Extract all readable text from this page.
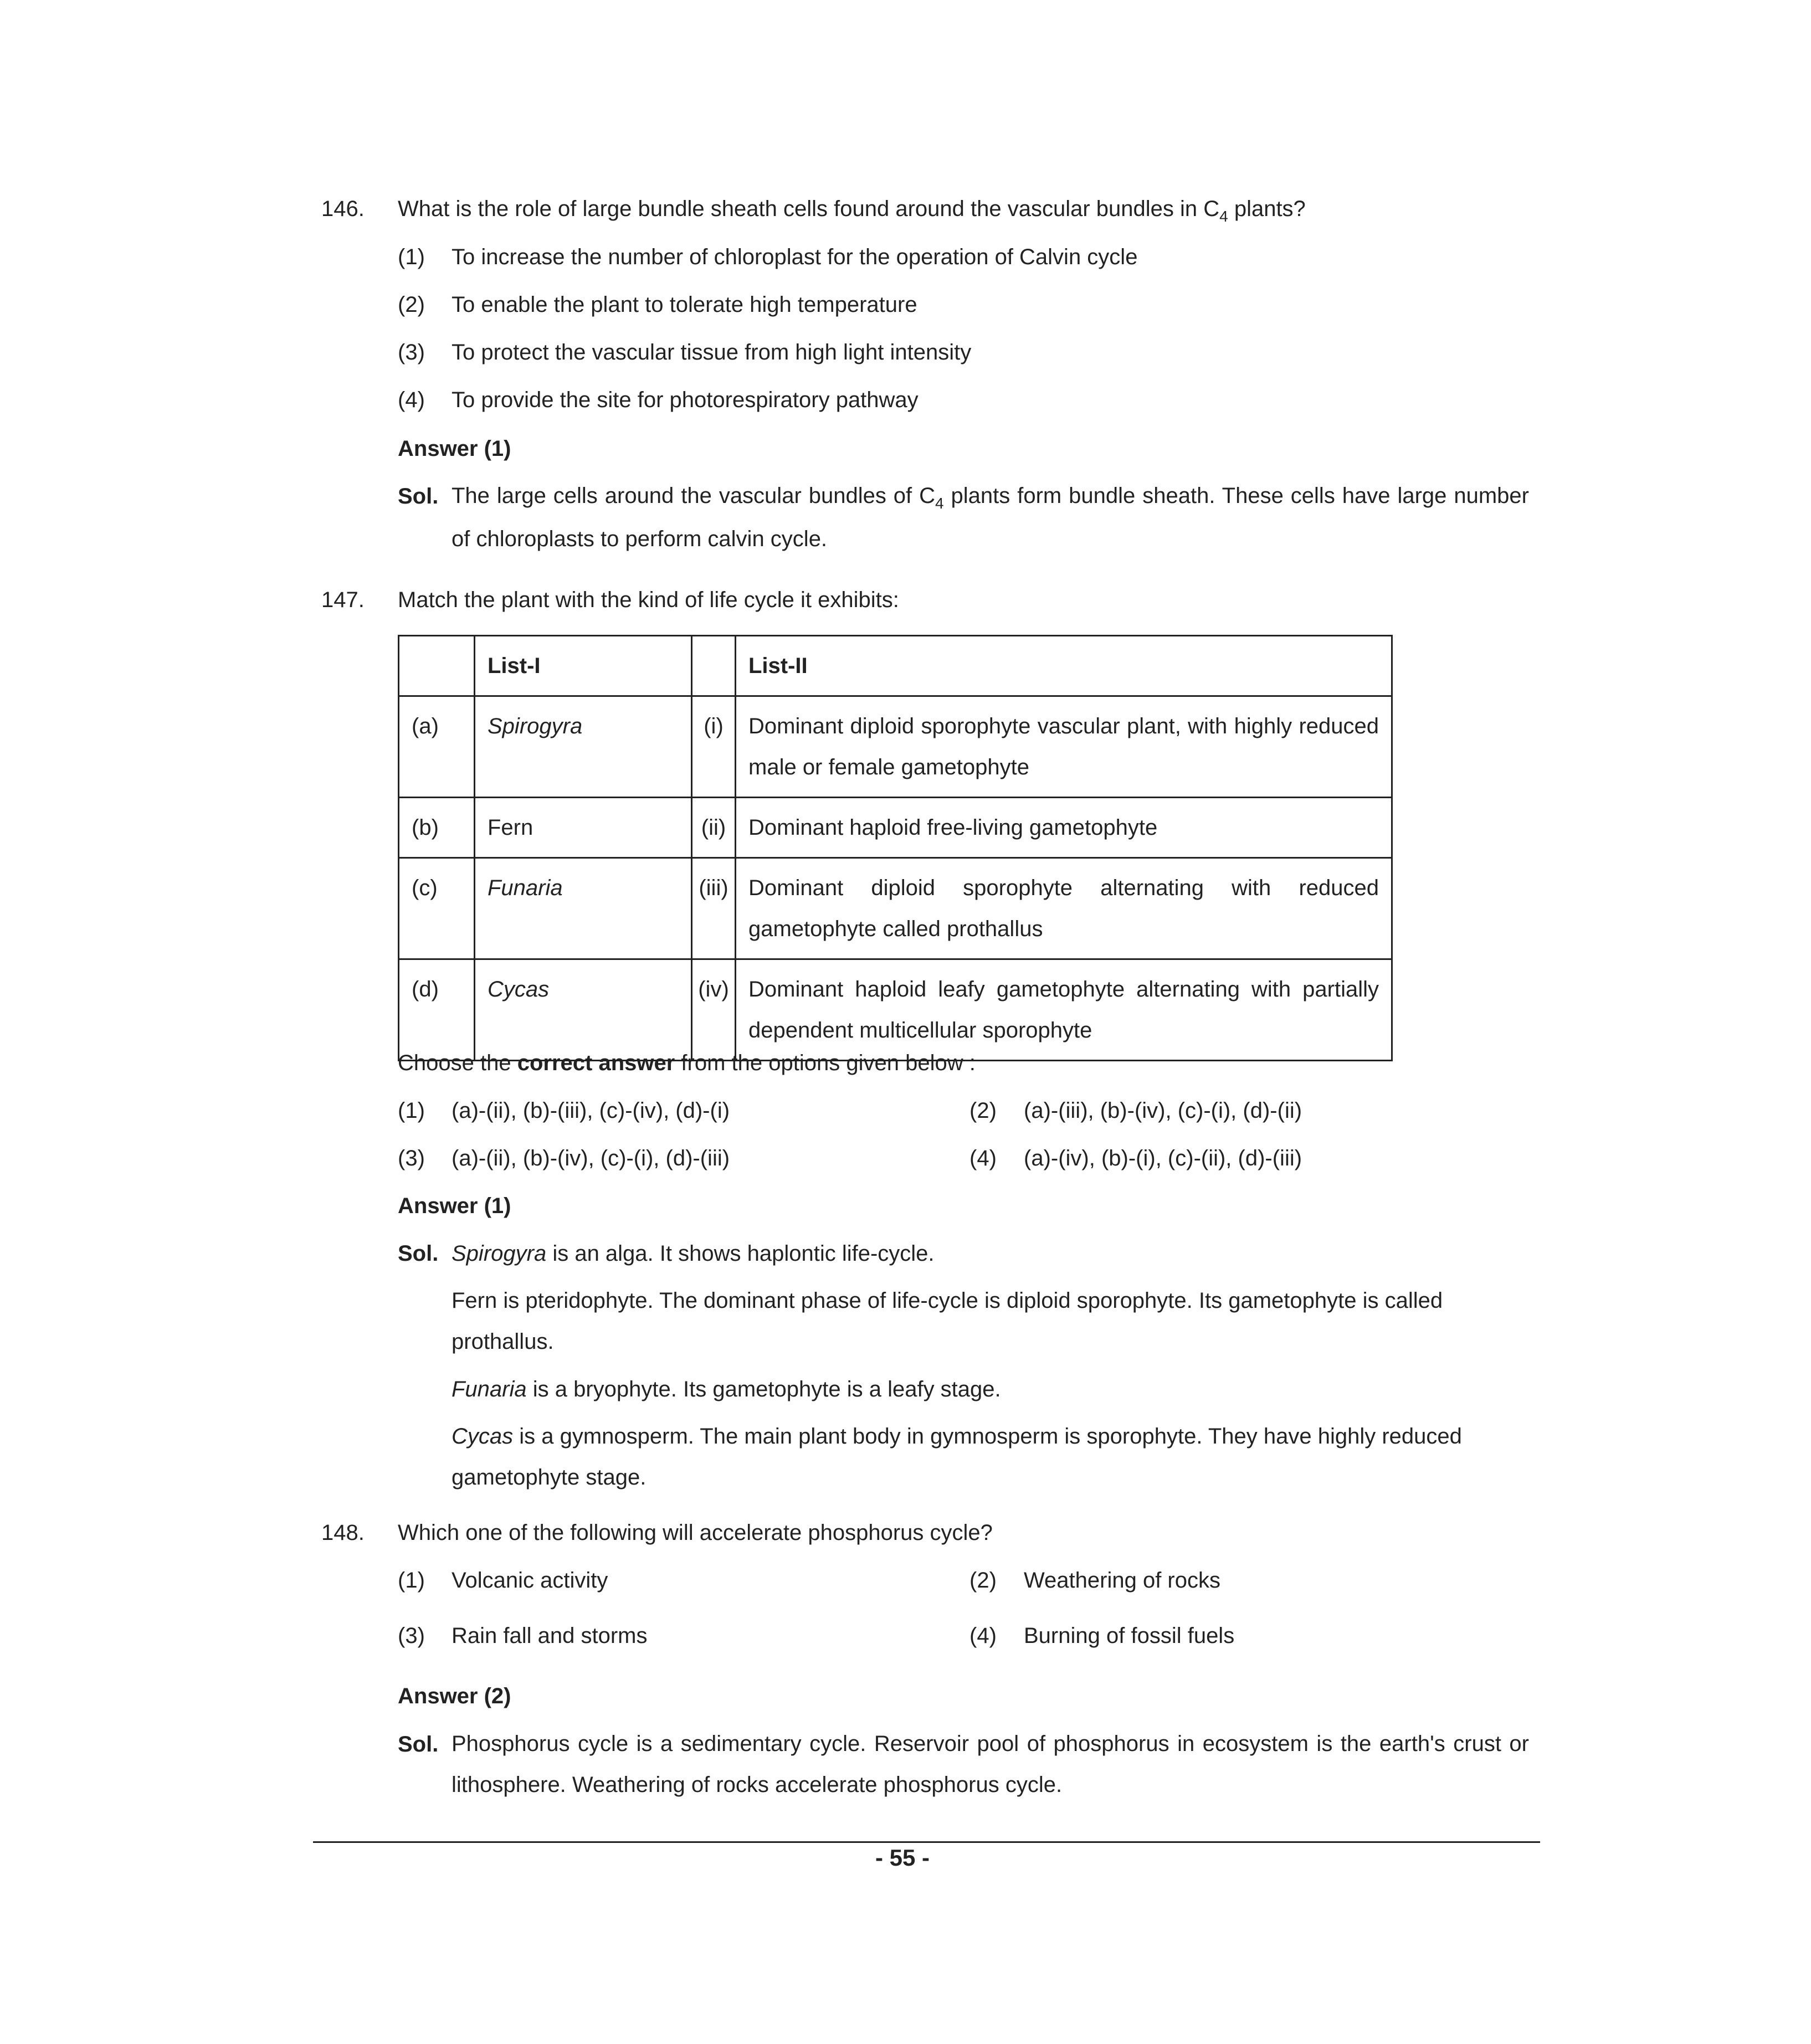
146. What is the role of large bundle sheath cells found around the vascular bundles in $C_4$ plants?
(1)	To increase the number of chloroplast for the operation of Calvin cycle
(2)	To enable the plant to tolerate high temperature
(3)	To protect the vascular tissue from high light intensity
(4)	To provide the site for photorespiratory pathway
Answer (1)
Sol. The large cells around the vascular bundles of $C_4$ plants form bundle sheath. These cells have large number of chloroplasts to perform calvin cycle.
147. Match the plant with the kind of life cycle it exhibits:
	List-I		List-II
(a)	Spirogyra	(i)	Dominant diploid sporophyte vascular plant, with highly reduced male or female gametophyte
(b)	Fern	(ii)	Dominant haploid free-living gametophyte
(c)	Funaria	(iii)	Dominant diploid sporophyte alternating with reduced gametophyte called prothallus
(d)	Cycas	(iv)	Dominant haploid leafy gametophyte alternating with partially dependent multicellular sporophyte
Choose the correct answer from the options given below :
(1)	(a)-(ii), (b)-(iii), (c)-(iv), (d)-(i)	(2)	(a)-(iii), (b)-(iv), (c)-(i), (d)-(ii)
(3)	(a)-(ii), (b)-(iv), (c)-(i), (d)-(iii)	(4)	(a)-(iv), (b)-(i), (c)-(ii), (d)-(iii)
Answer (1)
Sol. Spirogyra is an alga. It shows haplontic life-cycle.
Fern is pteridophyte. The dominant phase of life-cycle is diploid sporophyte. Its gametophyte is called prothallus.
Funaria is a bryophyte. Its gametophyte is a leafy stage.
Cycas is a gymnosperm. The main plant body in gymnosperm is sporophyte. They have highly reduced gametophyte stage.
148. Which one of the following will accelerate phosphorus cycle?
(1)	Volcanic activity	(2)	Weathering of rocks
(3)	Rain fall and storms	(4)	Burning of fossil fuels
Answer (2)
Sol. Phosphorus cycle is a sedimentary cycle. Reservoir pool of phosphorus in ecosystem is the earth's crust or lithosphere. Weathering of rocks accelerate phosphorus cycle.
- 55 -
